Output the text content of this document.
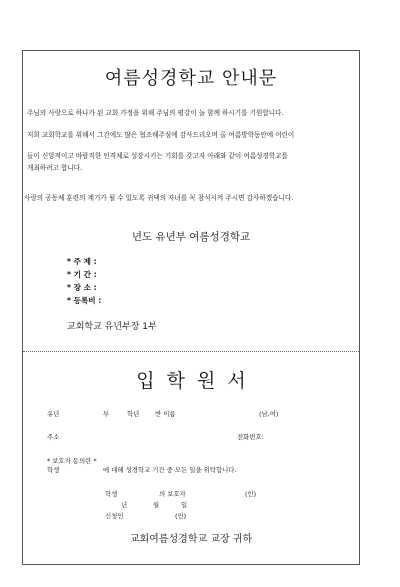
여름성경학교 안내문
주님의 사랑으로 하나가 된 교회 가정을 위해 주님의 평강이 늘 함께 하시기를 기원합니다.
저희 교회학교를 위해서 그간에도 많은 협조해주심에 감사드리오며 올 여름방학동안에 어린이
들이 신앙적이고 바람직한 인격체로 성장시키는 기회를 갖고자 아래와 같이 여름성경학교를
개최하려고 합니다.
사랑의 공동체 훈련의 계기가 될 수 있도록 귀댁의 자녀를 꼭 참석시켜 주시면 감사하겠습니다.
년도 유년부 여름성경학교
* 주 제 :
* 기 간 :
* 장 소 :
* 등록비 :
교회학교 유년부장 1부
입학원서
유년	부	학년 반 이름	(남,여)
주소	전화번호:
* 보호자 동의란 *
학생	에 대해 성경학교 기간 중 모든 일을 위탁합니다.
학생	의 보호자	(인)
년	월	일
신청인	(인)
교회여름성경학교 교장 귀하
